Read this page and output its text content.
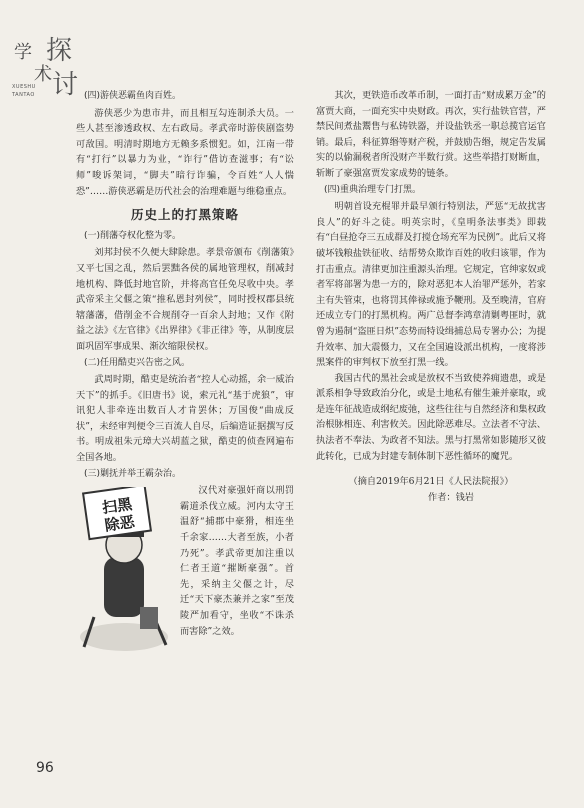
学
术
探
讨
XUESHU
TANTAO	(四)游侠恶霸鱼肉百姓。

游侠恶少为患市井，而且相互勾连制杀大员。一些人甚至渗透政权、左右政局。孝武帝时游侠剧盗势可敌国。明清时期地方无赖多系惯犯。如，江南一带有“打行”以暴力为业，“诈行”借访查滋事；有“讼师”唆诉架词，“脚夫”暗行诈骗，令百姓“人人惴恐”……游侠恶霸是历代社会的治理难题与维稳重点。

历史上的打黑策略

(一)削藩夺权化整为零。

刘邦封侯不久便大肆除患。孝景帝颁布《削藩策》又平七国之乱，然后罢黜各侯的属地管理权，削减封地机构、降低封地官阶，并将高官任免尽收中央。孝武帝采主父偃之策“推私恩封列侯”，同时授权郡县统辖藩藩，借削金不合规削夺一百余人封地；又作《附益之法》《左官律》《出界律》《非正律》等，从制度层面巩固军事成果、渐次缩限侯权。

(二)任用酷吏兴告密之风。

武周时期，酷吏是统治者“控人心动摇，余一威治天下”的抓手。《旧唐书》说，索元礼“基于虎狼”，审讯犯人非牵连出数百人才肯罢休；万国俊“曲成反状”，未经审判便令三百流人自尽，后编造证据撰写反书。明成祖朱元璋大兴胡蓝之狱，酷吏的侦查网遍布全国各地。

(三)剿抚并举王霸杂治。

扫黑
除恶

汉代对豪强奸商以刑罚霸道杀伐立威。河内太守王温舒“捕郡中豪猾，相连坐千余家……大者至族，小者乃死”。孝武帝更加注重以仁者王道“摧断豪强”。首先，采纳主父偃之计，尽迁“天下豪杰兼并之家”至茂陵严加看守，坐收“不诛杀而害除”之效。

其次，更铁造币改革币制，一面打击“财成累万金”的富贾大商，一面充实中央财政。再次，实行盐铁官营，严禁民间煮盐鬻售与私铸铁器，并设盐铁丞一职总揽官运官销。最后，科征算缗等财产税，并鼓励告缗，规定告发属实的以偷漏税者所没财产半数行赏。这些举措打财断血，斩断了豪强富贾发家成势的链条。

(四)重典治理专门打黑。

明朝首设充棍罪并最早颁行特别法，严惩“无故扰害良人”的好斗之徒。明英宗时，《皇明条法事类》即载有“白昼抢夺三五成群及打搅仓场充军为民例”。此后又将破坏钱粮盐铁征收、结帮势众欺诈百姓的收归该罪，作为打击重点。清律更加注重源头治理。它规定，官绅家奴或者军将部署为患一方的，除对恶犯本人治罪严惩外，若家主有失管束，也将罚其俸禄或施予鞭刑。及至晚清，官府还成立专门的打黑机构。两广总督李鸿章清剿粤匪时，就曾为遏制“盗匪日炽”态势而特设缉捕总局专署办公；为提升效率、加大震慑力，又在全国遍设派出机构，一度将涉黑案件的审判权下放至打黑一线。

我国古代的黑社会或是放权不当致使养痈遗患，或是派系相争导致政治分化，或是土地私有催生兼并豪取，或是连年征战造成纲纪废弛，这些往往与自然经济和集权政治根脉相连、利害攸关。因此除恶难尽。立法者不守法、执法者不奉法、为政者不知法。黑与打黑常如影随形又彼此转化，已成为封建专制体制下恶性循环的魔咒。

（摘自2019年6月21日《人民法院报》）

作者：钱岩

96
